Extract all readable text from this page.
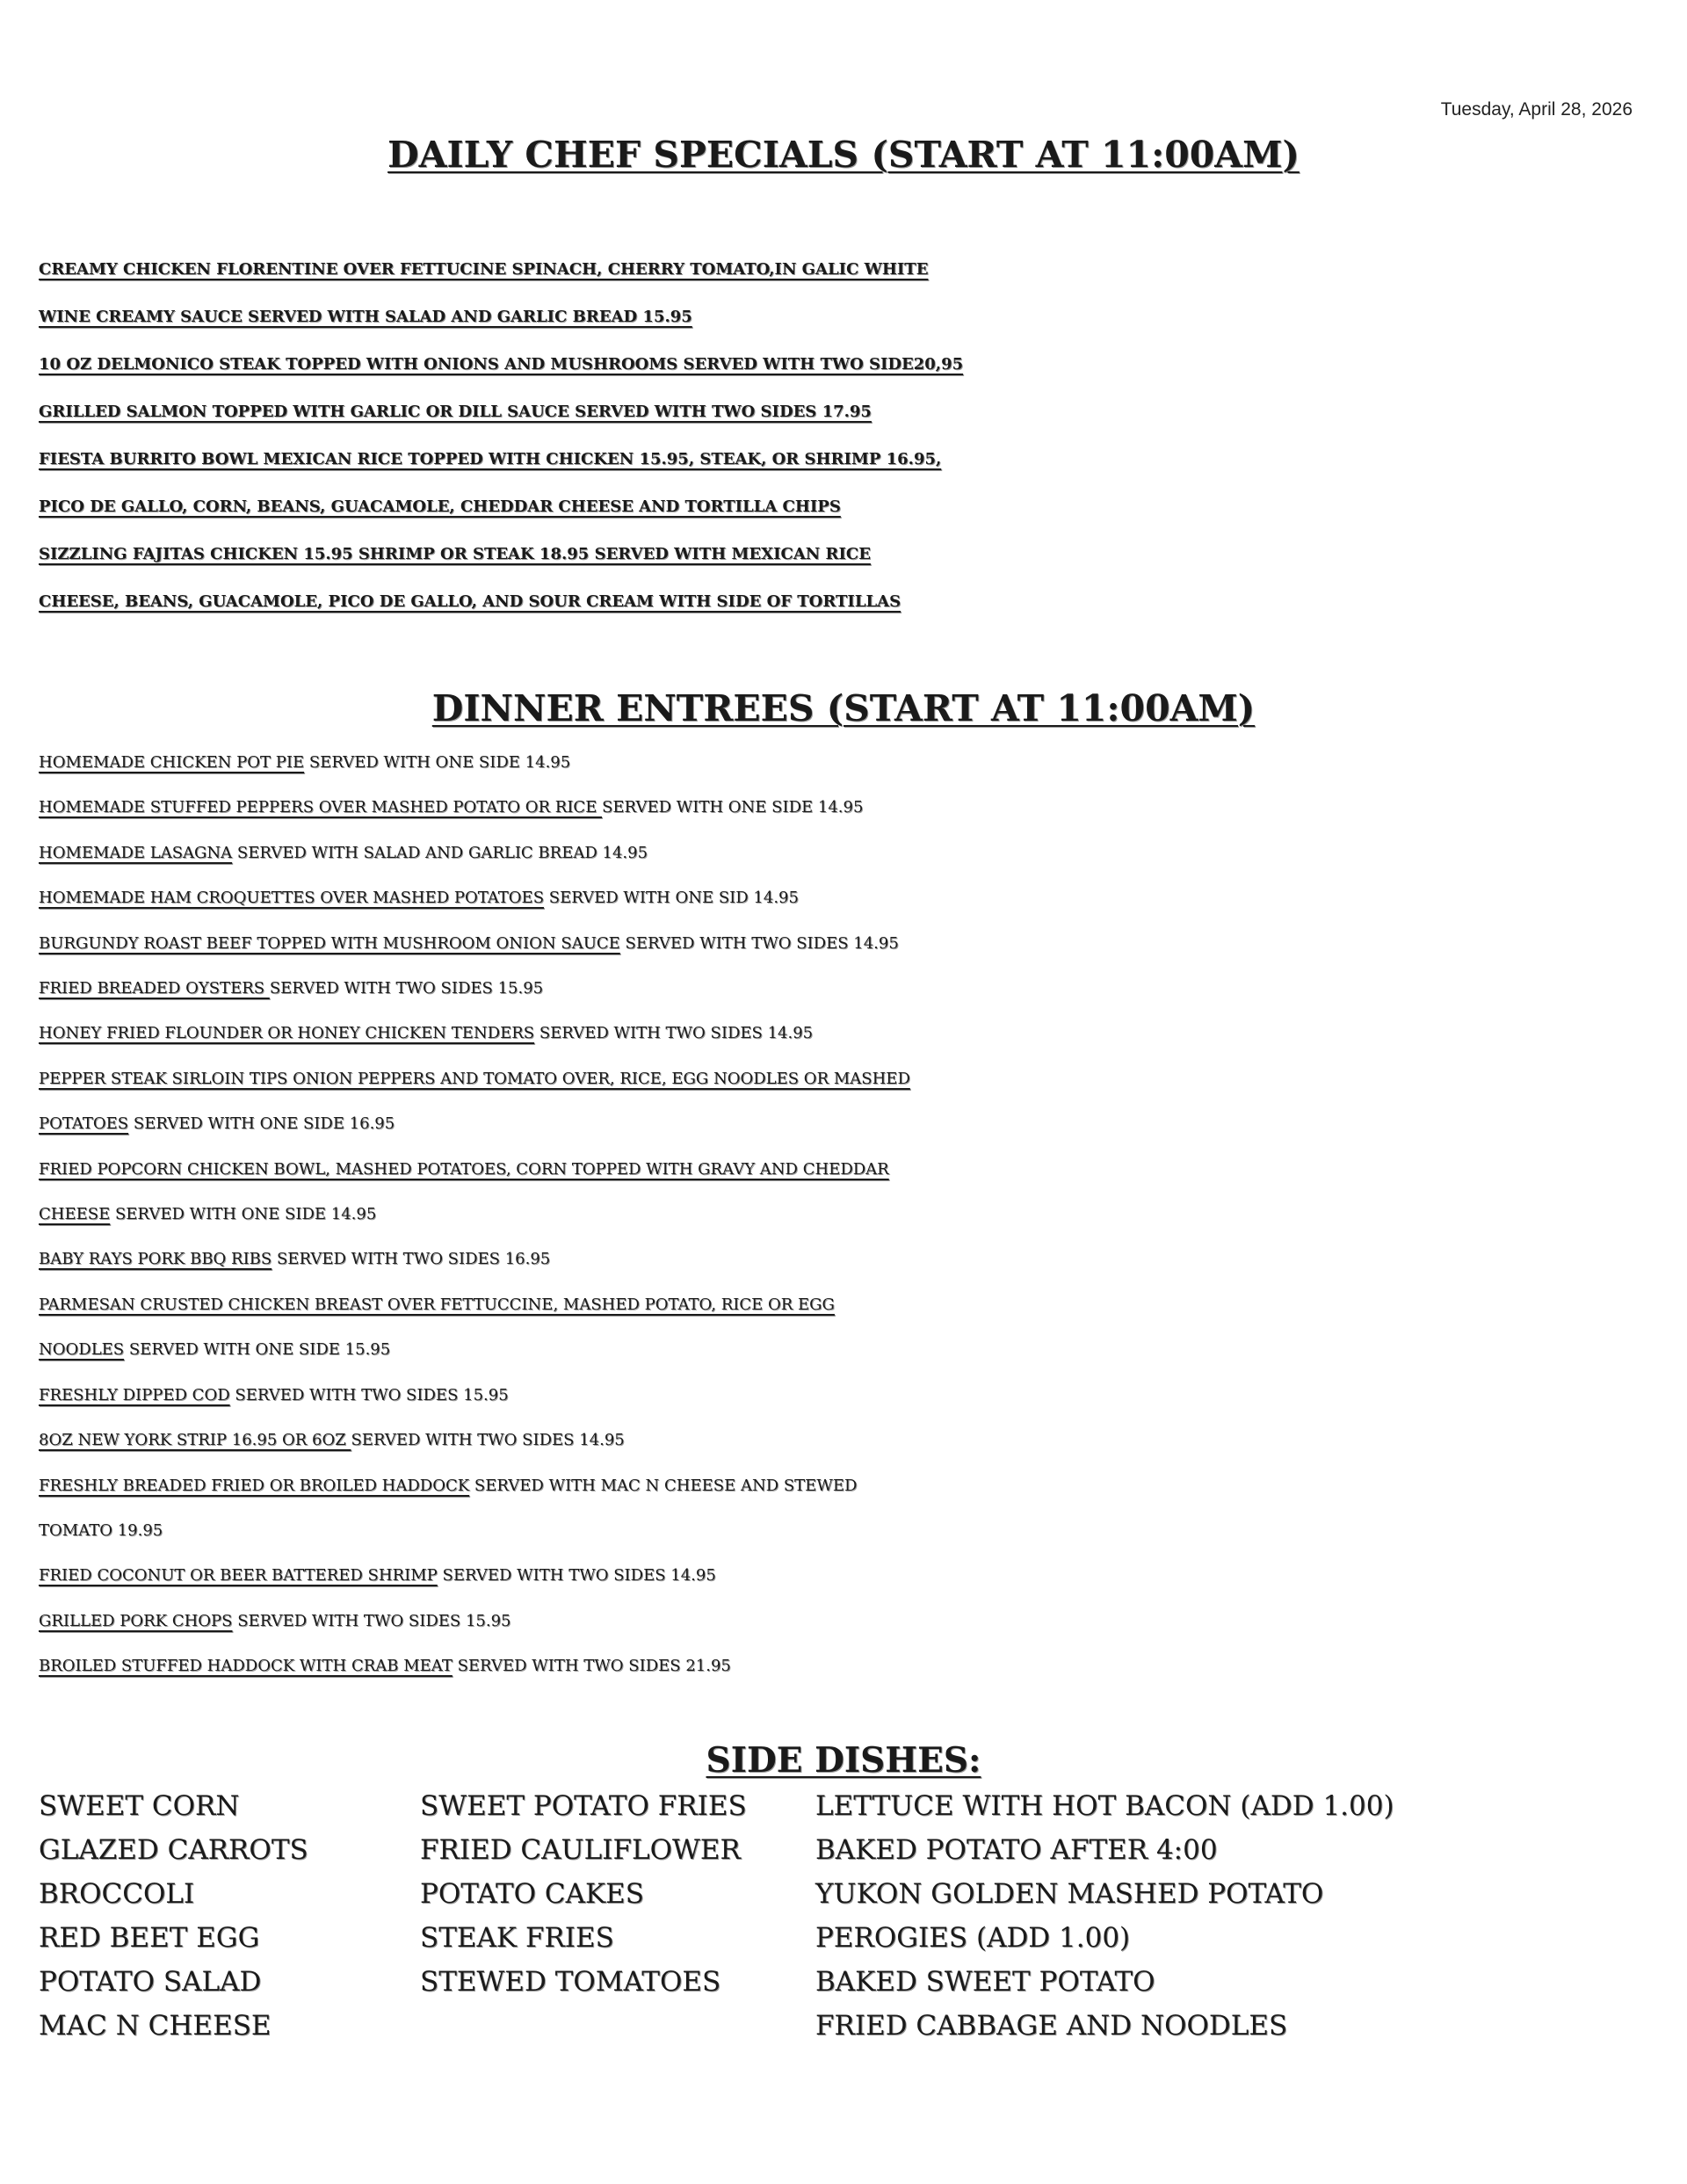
Tuesday, April 28, 2026
DAILY CHEF SPECIALS (START AT 11:00AM)
CREAMY CHICKEN FLORENTINE OVER FETTUCINE SPINACH, CHERRY TOMATO,IN GALIC WHITE
WINE CREAMY SAUCE SERVED WITH SALAD AND GARLIC BREAD 15.95
10 OZ DELMONICO STEAK TOPPED WITH ONIONS AND MUSHROOMS SERVED WITH TWO SIDE20,95
GRILLED SALMON TOPPED WITH GARLIC OR DILL SAUCE SERVED WITH TWO SIDES 17.95
FIESTA BURRITO BOWL MEXICAN RICE TOPPED WITH CHICKEN 15.95, STEAK, OR SHRIMP 16.95,
PICO DE GALLO, CORN, BEANS, GUACAMOLE, CHEDDAR CHEESE AND TORTILLA CHIPS
SIZZLING FAJITAS CHICKEN 15.95 SHRIMP OR STEAK 18.95 SERVED WITH MEXICAN RICE
CHEESE, BEANS, GUACAMOLE, PICO DE GALLO, AND SOUR CREAM WITH SIDE OF TORTILLAS
DINNER ENTREES (START AT 11:00AM)
HOMEMADE CHICKEN POT PIE SERVED WITH ONE SIDE 14.95
HOMEMADE STUFFED PEPPERS OVER MASHED POTATO OR RICE SERVED WITH ONE SIDE 14.95
HOMEMADE LASAGNA SERVED WITH SALAD AND GARLIC BREAD 14.95
HOMEMADE HAM CROQUETTES OVER MASHED POTATOES SERVED WITH ONE SID 14.95
BURGUNDY ROAST BEEF TOPPED WITH MUSHROOM ONION SAUCE SERVED WITH TWO SIDES 14.95
FRIED BREADED OYSTERS SERVED WITH TWO SIDES 15.95
HONEY FRIED FLOUNDER OR HONEY CHICKEN TENDERS SERVED WITH TWO SIDES 14.95
PEPPER STEAK SIRLOIN TIPS ONION PEPPERS AND TOMATO OVER, RICE, EGG NOODLES OR MASHED
POTATOES SERVED WITH ONE SIDE 16.95
FRIED POPCORN CHICKEN BOWL, MASHED POTATOES, CORN TOPPED WITH GRAVY AND CHEDDAR
CHEESE SERVED WITH ONE SIDE 14.95
BABY RAYS PORK BBQ RIBS SERVED WITH TWO SIDES 16.95
PARMESAN CRUSTED CHICKEN BREAST OVER FETTUCCINE, MASHED POTATO, RICE OR EGG
NOODLES SERVED WITH ONE SIDE 15.95
FRESHLY DIPPED COD SERVED WITH TWO SIDES 15.95
8OZ NEW YORK STRIP 16.95 OR 6OZ SERVED WITH TWO SIDES 14.95
FRESHLY BREADED FRIED OR BROILED HADDOCK SERVED WITH MAC N CHEESE AND STEWED
TOMATO 19.95
FRIED COCONUT OR BEER BATTERED SHRIMP SERVED WITH TWO SIDES 14.95
GRILLED PORK CHOPS SERVED WITH TWO SIDES 15.95
BROILED STUFFED HADDOCK WITH CRAB MEAT SERVED WITH TWO SIDES 21.95
SIDE DISHES:
SWEET CORN
GLAZED CARROTS
BROCCOLI
RED BEET EGG
POTATO SALAD
MAC N CHEESE
SWEET POTATO FRIES
FRIED CAULIFLOWER
POTATO CAKES
STEAK FRIES
STEWED TOMATOES
LETTUCE WITH HOT BACON (ADD 1.00)
BAKED POTATO AFTER 4:00
YUKON GOLDEN MASHED POTATO
PEROGIES (ADD 1.00)
BAKED SWEET POTATO
FRIED CABBAGE AND NOODLES
